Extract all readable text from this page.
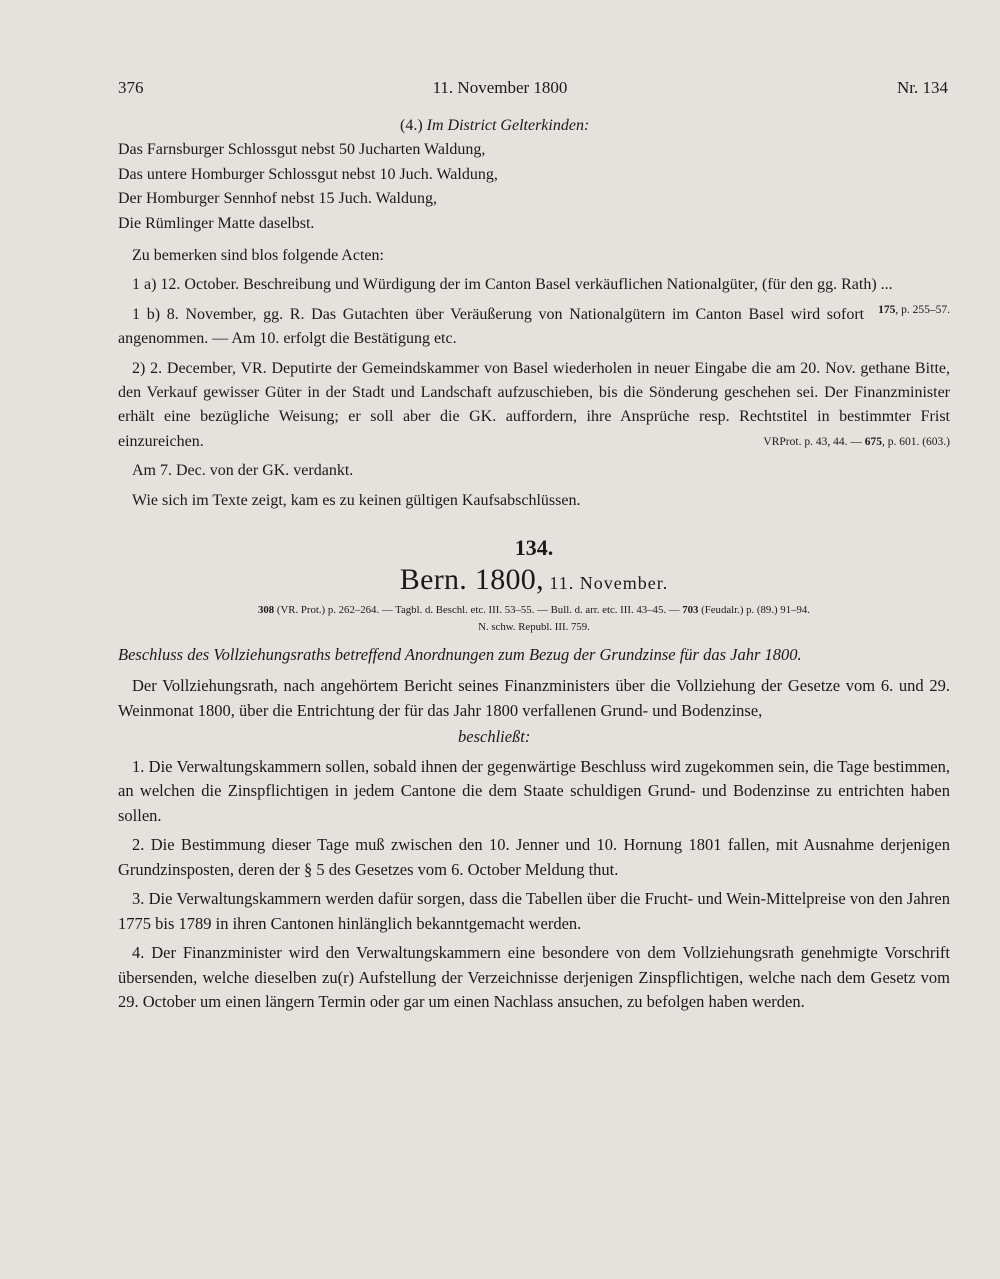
11. November 1800
376	Nr. 134
(4.) Im District Gelterkinden:
Das Farnsburger Schlossgut nebst 50 Jucharten Waldung,
Das untere Homburger Schlossgut nebst 10 Juch. Waldung,
Der Homburger Sennhof nebst 15 Juch. Waldung,
Die Rümlinger Matte daselbst.

Zu bemerken sind blos folgende Acten:

1 a) 12. October. Beschreibung und Würdigung der im Canton Basel verkäuflichen Nationalgüter, (für den gg. Rath) ...
175, p. 255–57.

1 b) 8. November, gg. R. Das Gutachten über Veräußerung von Nationalgütern im Canton Basel wird sofort angenommen. — Am 10. erfolgt die Bestätigung etc.

2) 2. December, VR. Deputirte der Gemeindskammer von Basel wiederholen in neuer Eingabe die am 20. Nov. gethane Bitte, den Verkauf gewisser Güter in der Stadt und Landschaft aufzuschieben, bis die Sönderung geschehen sei. Der Finanzminister erhält eine bezügliche Weisung; er soll aber die GK. auffordern, ihre Ansprüche resp. Rechtstitel in bestimmter Frist einzureichen.	VRProt. p. 43, 44. — 675, p. 601. (603.)

Am 7. Dec. von der GK. verdankt.

Wie sich im Texte zeigt, kam es zu keinen gültigen Kaufsabschlüssen.

134.
Bern. 1800, 11. November.
308 (VR. Prot.) p. 262–264. — Tagbl. d. Beschl. etc. III. 53–55. — Bull. d. arr. etc. III. 43–45. — 703 (Feudalr.) p. (89.) 91–94.
N. schw. Republ. III. 759.

Beschluss des Vollziehungsraths betreffend Anordnungen zum Bezug der Grundzinse für das Jahr 1800.

Der Vollziehungsrath, nach angehörtem Bericht seines Finanzministers über die Vollziehung der Gesetze vom 6. und 29. Weinmonat 1800, über die Entrichtung der für das Jahr 1800 verfallenen Grund- und Bodenzinse,

beschließt:

1. Die Verwaltungskammern sollen, sobald ihnen der gegenwärtige Beschluss wird zugekommen sein, die Tage bestimmen, an welchen die Zinspflichtigen in jedem Cantone die dem Staate schuldigen Grund- und Bodenzinse zu entrichten haben sollen.

2. Die Bestimmung dieser Tage muß zwischen den 10. Jenner und 10. Hornung 1801 fallen, mit Ausnahme derjenigen Grundzinsposten, deren der § 5 des Gesetzes vom 6. October Meldung thut.

3. Die Verwaltungskammern werden dafür sorgen, dass die Tabellen über die Frucht- und Wein-Mittelpreise von den Jahren 1775 bis 1789 in ihren Cantonen hinlänglich bekanntgemacht werden.

4. Der Finanzminister wird den Verwaltungskammern eine besondere von dem Vollziehungsrath genehmigte Vorschrift übersenden, welche dieselben zu(r) Aufstellung der Verzeichnisse derjenigen Zinspflichtigen, welche nach dem Gesetz vom 29. October um einen längern Termin oder gar um einen Nachlass ansuchen, zu befolgen haben werden.
